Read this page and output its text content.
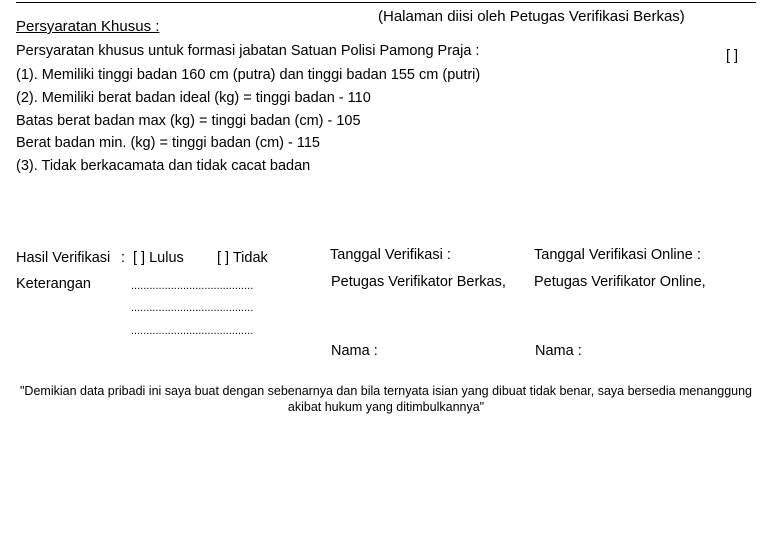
Persyaratan Khusus :
(Halaman diisi oleh Petugas Verifikasi Berkas)
Persyaratan khusus untuk formasi jabatan Satuan Polisi Pamong Praja :	[ ]
(1). Memiliki tinggi badan 160 cm (putra) dan tinggi badan 155 cm (putri)
(2). Memiliki berat badan ideal (kg) = tinggi badan - 110
Batas berat badan max (kg) = tinggi badan (cm) - 105
Berat badan min. (kg) = tinggi badan (cm) - 115
(3). Tidak berkacamata dan tidak cacat badan
Hasil Verifikasi : [ ] Lulus [ ] Tidak
Keterangan	........................................
........................................
........................................
Tanggal Verifikasi :	Tanggal Verifikasi Online :
Petugas Verifikator Berkas, Petugas Verifikator Online,
Nama :	Nama :
"Demikian data pribadi ini saya buat dengan sebenarnya dan bila ternyata isian yang dibuat tidak benar, saya bersedia menanggung akibat hukum yang ditimbulkannya"
